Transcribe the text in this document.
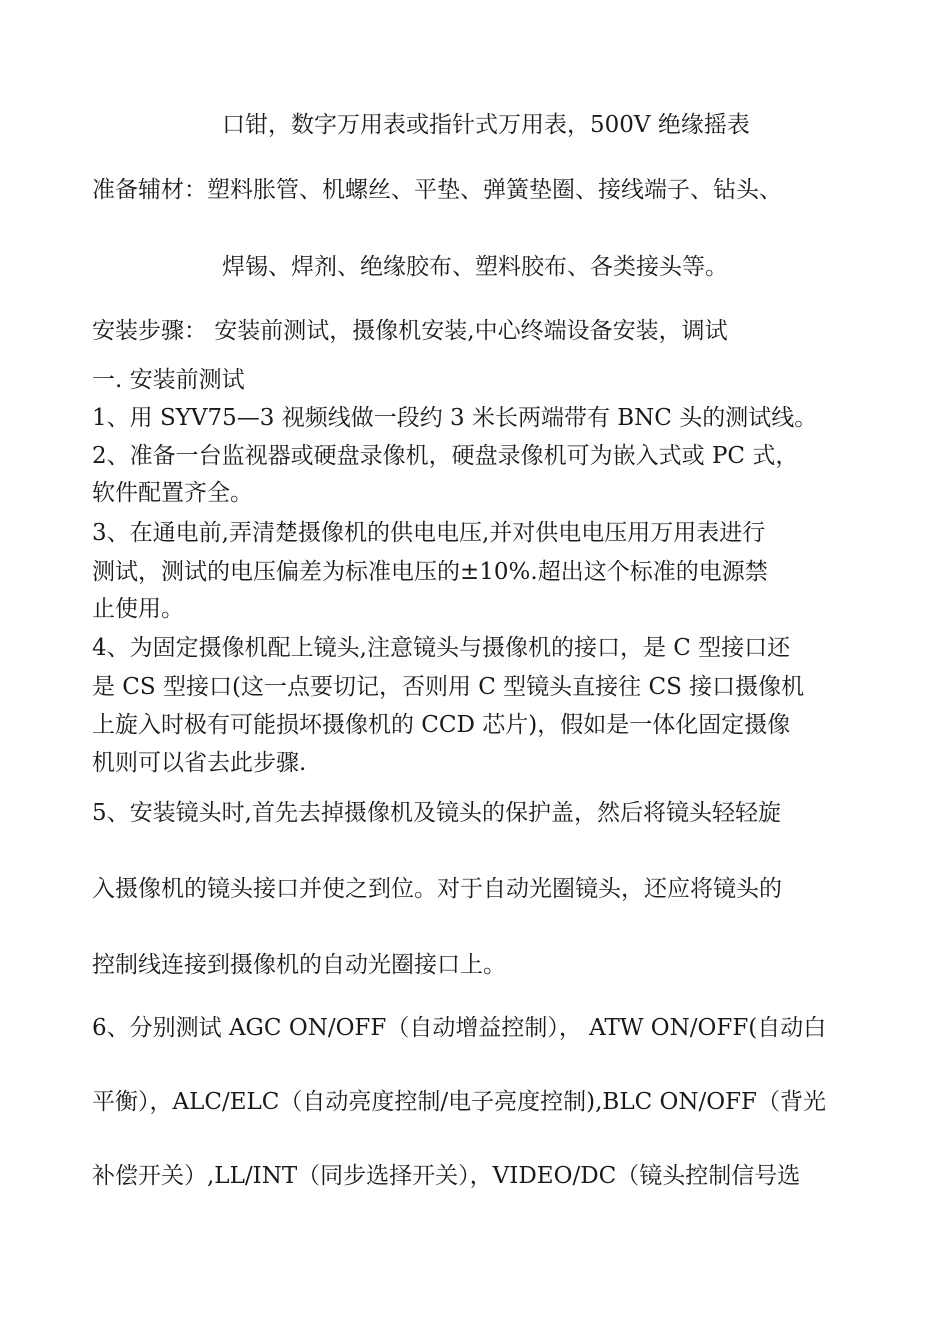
口钳，数字万用表或指针式万用表，500V 绝缘摇表
准备辅材：塑料胀管、机螺丝、平垫、弹簧垫圈、接线端子、钻头、
焊锡、焊剂、绝缘胶布、塑料胶布、各类接头等。
安装步骤： 安装前测试，摄像机安装,中心终端设备安装，调试
一. 安装前测试
1、用 SYV75—3 视频线做一段约 3 米长两端带有 BNC 头的测试线。
2、准备一台监视器或硬盘录像机，硬盘录像机可为嵌入式或 PC 式，
软件配置齐全。
3、在通电前,弄清楚摄像机的供电电压,并对供电电压用万用表进行
测试，测试的电压偏差为标准电压的±10%.超出这个标准的电源禁
止使用。
4、为固定摄像机配上镜头,注意镜头与摄像机的接口，是 C 型接口还
是 CS 型接口(这一点要切记，否则用 C 型镜头直接往 CS 接口摄像机
上旋入时极有可能损坏摄像机的 CCD 芯片)，假如是一体化固定摄像
机则可以省去此步骤.
5、安装镜头时,首先去掉摄像机及镜头的保护盖，然后将镜头轻轻旋
入摄像机的镜头接口并使之到位。对于自动光圈镜头，还应将镜头的
控制线连接到摄像机的自动光圈接口上。
6、分别测试 AGC ON/OFF（自动增益控制）， ATW ON/OFF(自动白
平衡），ALC/ELC（自动亮度控制/电子亮度控制),BLC ON/OFF（背光
补偿开关）,LL/INT（同步选择开关），VIDEO/DC（镜头控制信号选
